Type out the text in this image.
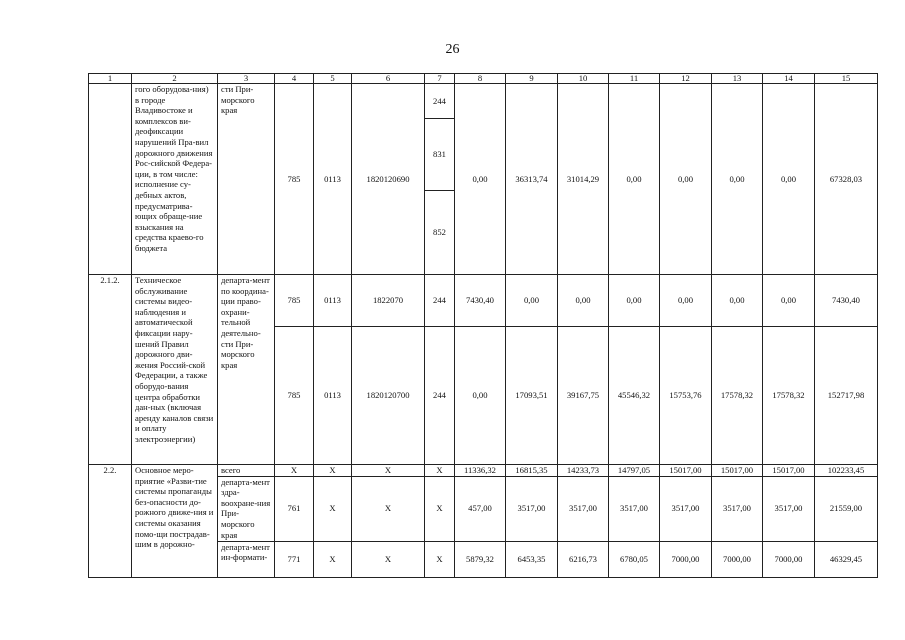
26
1	2	3	4	5	6	7	8	9	10	11	12	13	14	15
	гого оборудова-ния) в городе Владивостоке и комплексов ви-деофиксации нарушений Пра-вил дорожного движения Рос-сийской Федера-ции, в том числе: исполнение су-дебных актов, предусматрива-ющих обраще-ние взыскания на средства краево-го бюджета	сти При-морского края	785	0113	1820120690	244	0,00	36313,74	31014,29	0,00	0,00	0,00	0,00	67328,03
						831								
						852								
2.1.2.	Техническое обслуживание системы видео-наблюдения и автоматической фиксации нару-шений Правил дорожного дви-жения Россий-ской Федерации, а также оборудо-вания центра обработки дан-ных (включая аренду каналов связи и оплату электроэнергии)	департа-мент по координа-ции право-охрани-тельной деятельно-сти При-морского края	785	0113	1822070	244	7430,40	0,00	0,00	0,00	0,00	0,00	0,00	7430,40
			785	0113	1820120700	244	0,00	17093,51	39167,75	45546,32	15753,76	17578,32	17578,32	152717,98
2.2.	Основное меро-приятие «Разви-тие системы пропаганды без-опасности до-рожного движе-ния и системы оказания помо-щи пострадав-шим в дорожно-	всего	Х	Х	Х	Х	11336,32	16815,35	14233,73	14797,05	15017,00	15017,00	15017,00	102233,45
		департа-мент здра-воохране-ния При-морского края	761	Х	Х	Х	457,00	3517,00	3517,00	3517,00	3517,00	3517,00	3517,00	21559,00
		департа-мент ин-формати-	771	Х	Х	Х	5879,32	6453,35	6216,73	6780,05	7000,00	7000,00	7000,00	46329,45
